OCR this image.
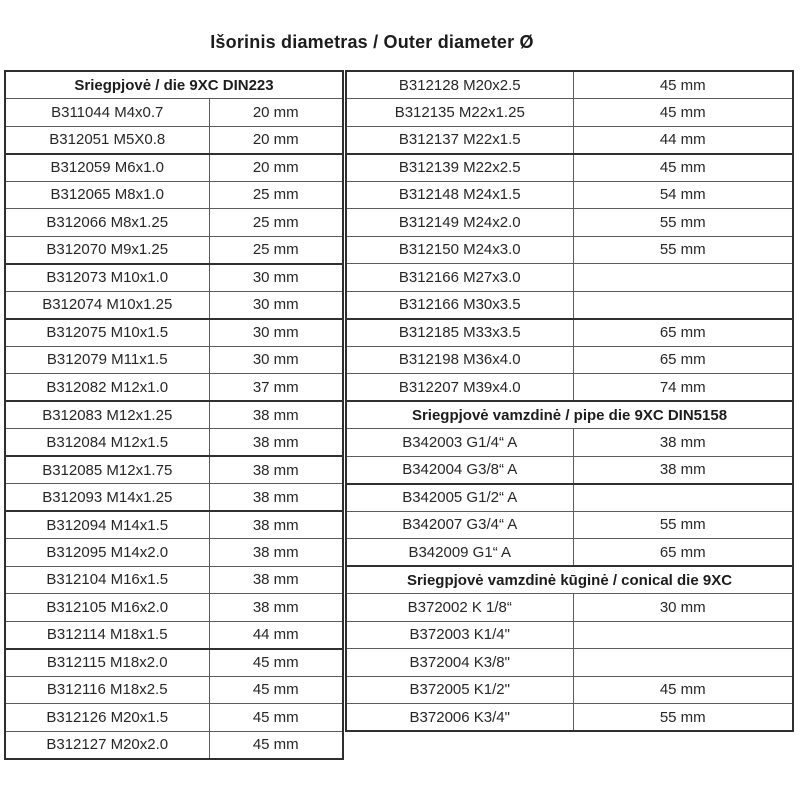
Išorinis diametras / Outer diameter Ø
Sriegpjovė / die 9XC DIN223	
B311044 M4x0.7	20 mm
B312051 M5X0.8	20 mm
B312059 M6x1.0	20 mm
B312065 M8x1.0	25 mm
B312066 M8x1.25	25 mm
B312070 M9x1.25	25 mm
B312073 M10x1.0	30 mm
B312074 M10x1.25	30 mm
B312075 M10x1.5	30 mm
B312079 M11x1.5	30 mm
B312082 M12x1.0	37 mm
B312083 M12x1.25	38 mm
B312084 M12x1.5	38 mm
B312085 M12x1.75	38 mm
B312093 M14x1.25	38 mm
B312094 M14x1.5	38 mm
B312095 M14x2.0	38 mm
B312104 M16x1.5	38 mm
B312105 M16x2.0	38 mm
B312114 M18x1.5	44 mm
B312115 M18x2.0	45 mm
B312116 M18x2.5	45 mm
B312126 M20x1.5	45 mm
B312127 M20x2.0	45 mm
B312128 M20x2.5	45 mm
B312135 M22x1.25	45 mm
B312137 M22x1.5	44 mm
B312139 M22x2.5	45 mm
B312148 M24x1.5	54 mm
B312149 M24x2.0	55 mm
B312150 M24x3.0	55 mm
B312166 M27x3.0	
B312166 M30x3.5	
B312185 M33x3.5	65 mm
B312198 M36x4.0	65 mm
B312207 M39x4.0	74 mm
Sriegpjovė vamzdinė / pipe die 9XC DIN5158	
B342003 G1/4“ A	38 mm
B342004 G3/8“ A	38 mm
B342005 G1/2“ A	
B342007 G3/4“ A	55 mm
B342009 G1“ A	65 mm
Sriegpjovė vamzdinė kūginė / conical die 9XC	
B372002 K 1/8“	30 mm
B372003 K1/4"	
B372004 K3/8"	
B372005 K1/2"	45 mm
B372006 K3/4"	55 mm
